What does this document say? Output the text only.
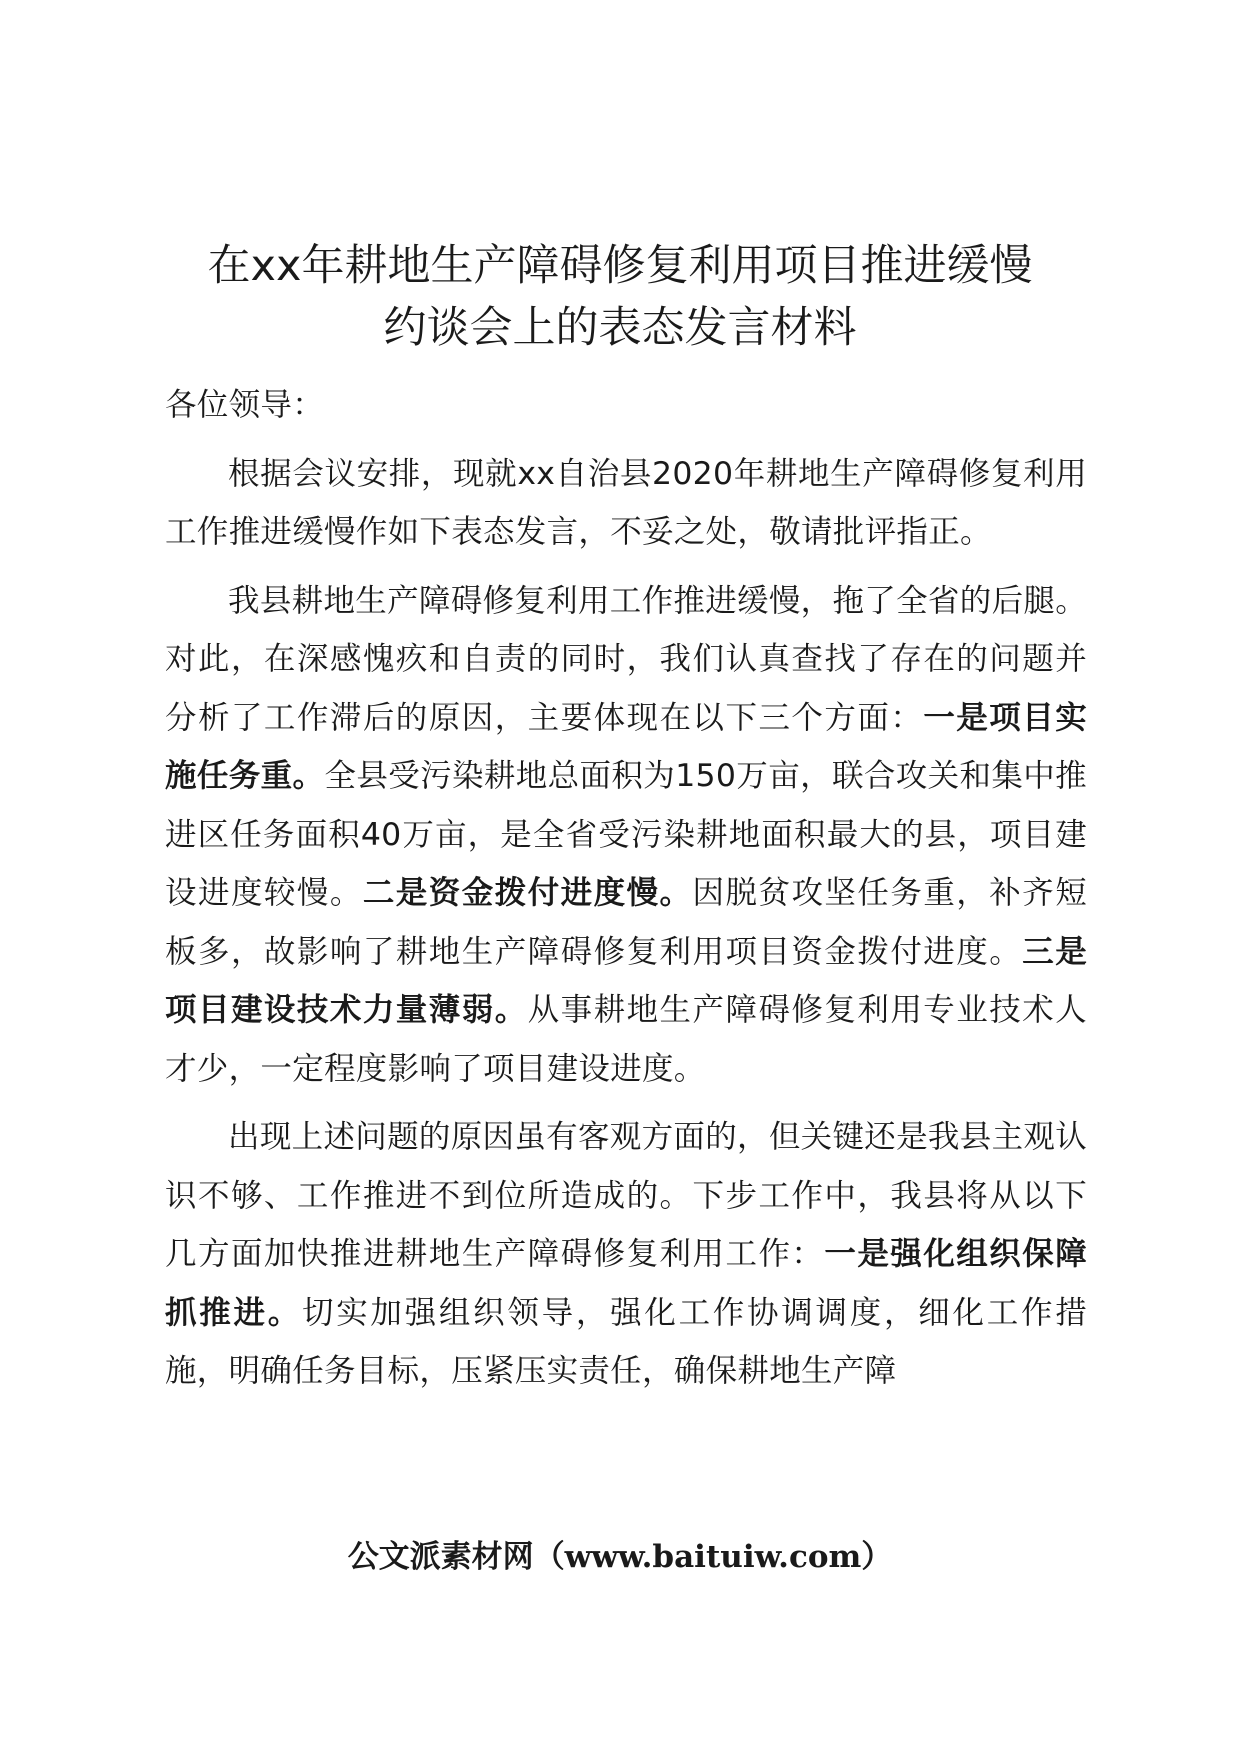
在xx年耕地生产障碍修复利用项目推进缓慢
约谈会上的表态发言材料

各位领导：

根据会议安排，现就xx自治县2020年耕地生产障碍修复利用工作推进缓慢作如下表态发言，不妥之处，敬请批评指正。

我县耕地生产障碍修复利用工作推进缓慢，拖了全省的后腿。对此，在深感愧疚和自责的同时，我们认真查找了存在的问题并分析了工作滞后的原因，主要体现在以下三个方面：一是项目实施任务重。全县受污染耕地总面积为150万亩，联合攻关和集中推进区任务面积40万亩，是全省受污染耕地面积最大的县，项目建设进度较慢。二是资金拨付进度慢。因脱贫攻坚任务重，补齐短板多，故影响了耕地生产障碍修复利用项目资金拨付进度。三是项目建设技术力量薄弱。从事耕地生产障碍修复利用专业技术人才少，一定程度影响了项目建设进度。

出现上述问题的原因虽有客观方面的，但关键还是我县主观认识不够、工作推进不到位所造成的。下步工作中，我县将从以下几方面加快推进耕地生产障碍修复利用工作：一是强化组织保障抓推进。切实加强组织领导，强化工作协调调度，细化工作措施，明确任务目标，压紧压实责任，确保耕地生产障

公文派素材网（www.baituiw.com）
